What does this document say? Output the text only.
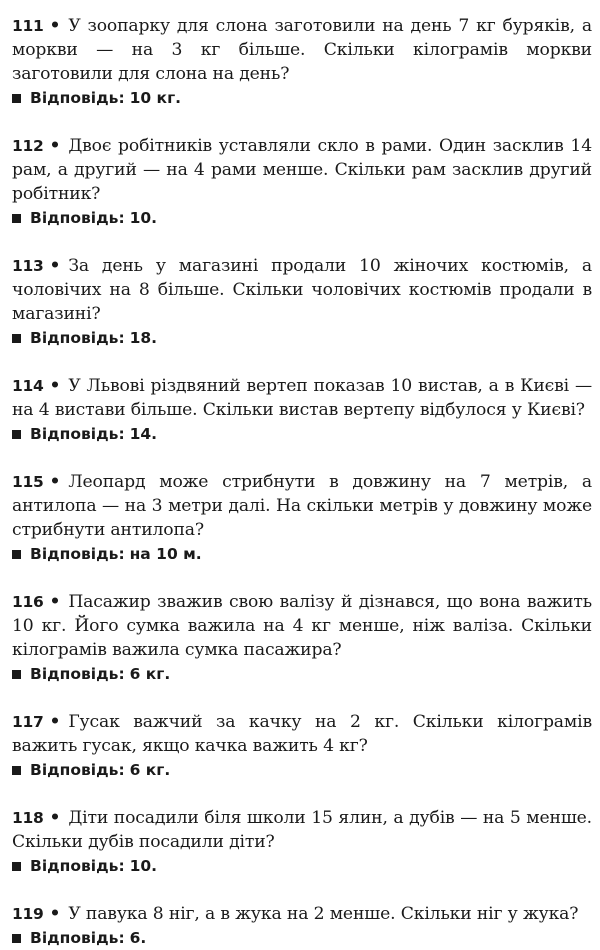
111 • У зоопарку для слона заготовили на день 7 кг буряків, а моркви — на 3 кг більше. Скільки кілограмів моркви заготовили для слона на день?

Відповідь: 10 кг.

112 • Двоє робітників уставляли скло в рами. Один засклив 14 рам, а другий — на 4 рами менше. Скільки рам засклив другий робітник?

Відповідь: 10.

113 • За день у магазині продали 10 жіночих костюмів, а чоловічих на 8 більше. Скільки чоловічих костюмів продали в магазині?

Відповідь: 18.

114 • У Львові різдвяний вертеп показав 10 вистав, а в Києві — на 4 вистави більше. Скільки вистав вертепу відбулося у Києві?

Відповідь: 14.

115 • Леопард може стрибнути в довжину на 7 метрів, а антилопа — на 3 метри далі. На скільки метрів у довжину може стрибнути антилопа?

Відповідь: на 10 м.

116 • Пасажир зважив свою валізу й дізнався, що вона важить 10 кг. Його сумка важила на 4 кг менше, ніж валіза. Скільки кілограмів важила сумка пасажира?

Відповідь: 6 кг.

117 • Гусак важчий за качку на 2 кг. Скільки кілограмів важить гусак, якщо качка важить 4 кг?

Відповідь: 6 кг.

118 • Діти посадили біля школи 15 ялин, а дубів — на 5 менше. Скільки дубів посадили діти?

Відповідь: 10.

119 • У павука 8 ніг, а в жука на 2 менше. Скільки ніг у жука?

Відповідь: 6.
